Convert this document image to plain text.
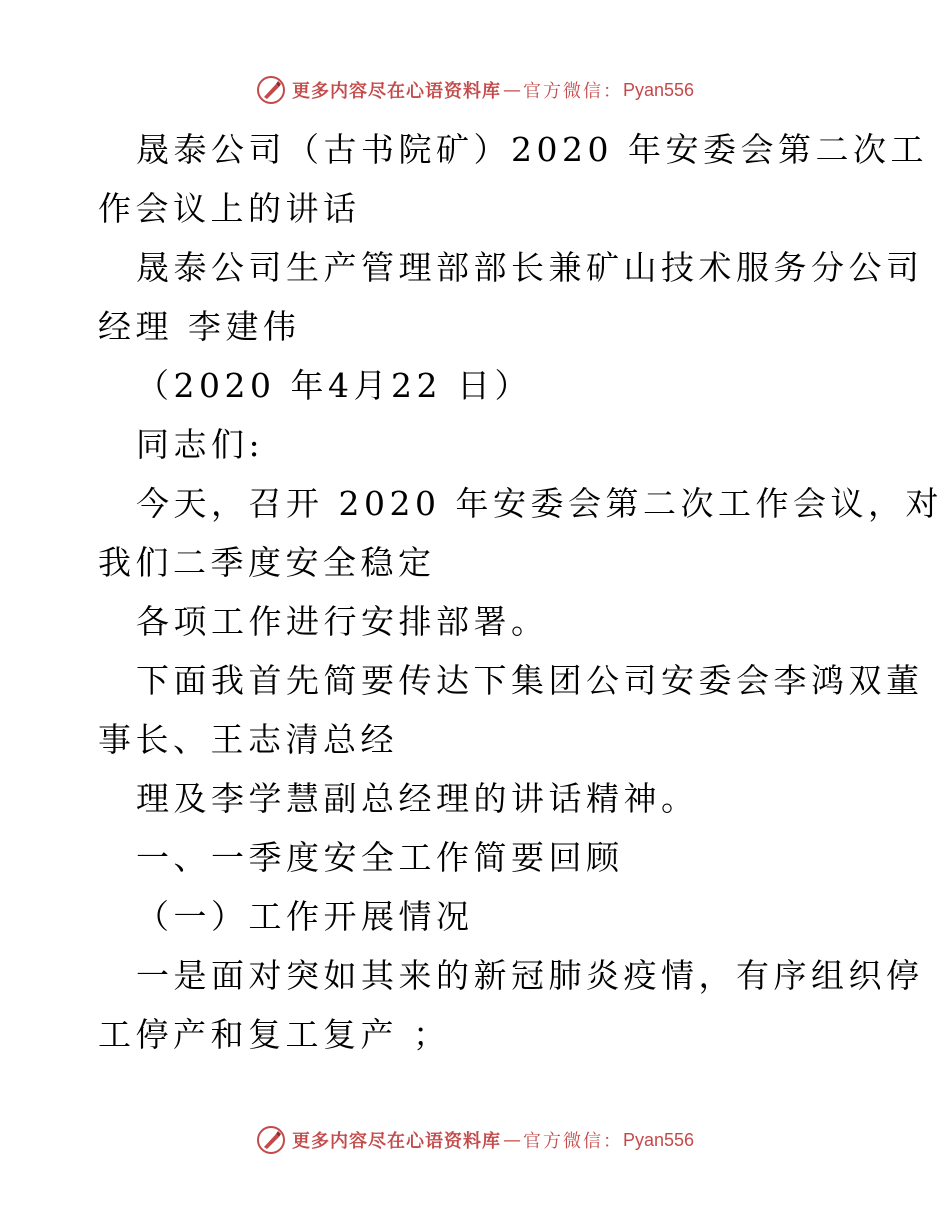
更多内容尽在心语资料库 — 官方微信： Pyan556
晟泰公司（古书院矿）2020 年安委会第二次工
作会议上的讲话
晟泰公司生产管理部部长兼矿山技术服务分公司
经理 李建伟
（2020 年4月22 日）
同志们:
今天，召开 2020 年安委会第二次工作会议，对
我们二季度安全稳定
各项工作进行安排部署。
下面我首先简要传达下集团公司安委会李鸿双董
事长、王志清总经
理及李学慧副总经理的讲话精神。
一、一季度安全工作简要回顾
（一）工作开展情况
一是面对突如其来的新冠肺炎疫情，有序组织停
工停产和复工复产 ；
更多内容尽在心语资料库 — 官方微信： Pyan556
